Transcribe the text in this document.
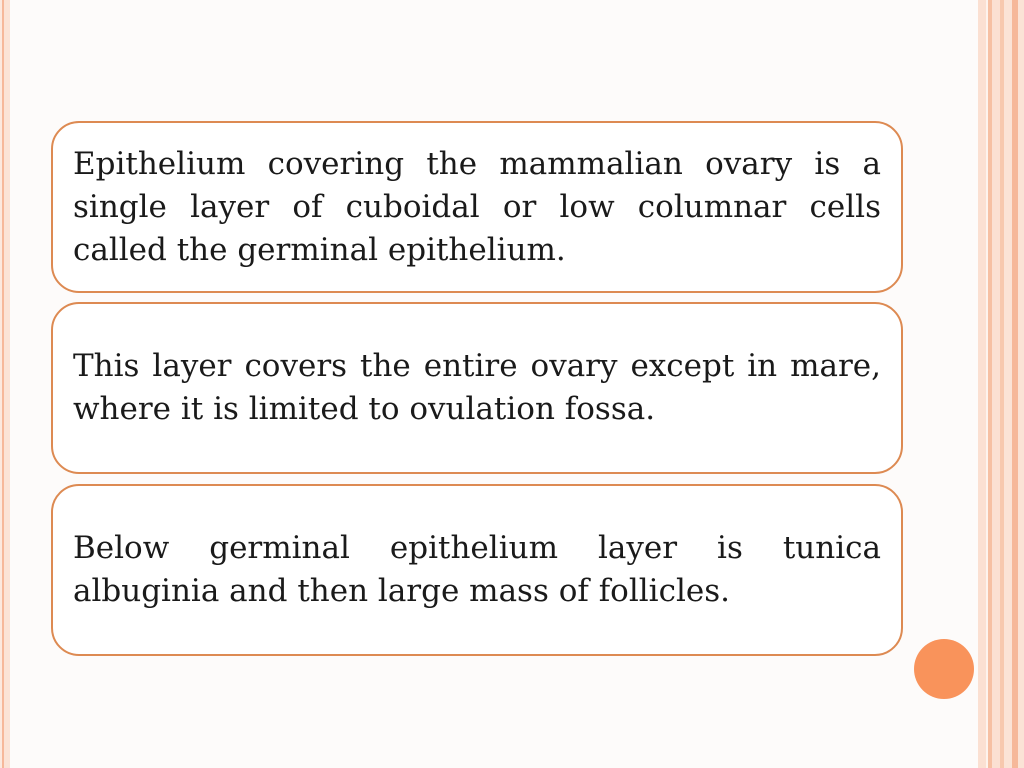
Epithelium covering the mammalian ovary is a single layer of cuboidal or low columnar cells called the germinal epithelium.

This layer covers the entire ovary except in mare, where it is limited to ovulation fossa.

Below germinal epithelium layer is tunica albuginia and then large mass of follicles.
